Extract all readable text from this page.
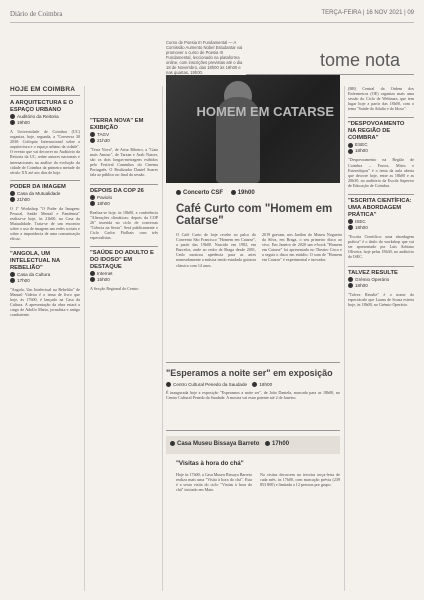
Diário de Coimbra	TERÇA-FEIRA | 16 NOV 2021 | 09
Curso de Poesia III Fundamental — A Comissão Aumento Nobel Estudantar vai promover o curso de Poesia III Fundamental, leccionado na plataforma online, com inscrições previstas até o dia 18 de Novembro, das 18h00 às 19h00 e nas quartas, 19h00.
tome nota
HOJE EM COIMBRA
A ARQUITECTURA E O ESPAÇO URBANO
Auditório da Reitoria
19h00
A Universidade de Coimbra (UC) organiza, hoje, segunda, a "Conversa 30 2030: Colóquio Internacional sobre a arquitectura e o espaço urbano da cidade". O evento que vai decorrer no Auditório da Reitoria da UC, reúne autores nacionais e internacionais na análise da evolução da cidade de Coimbra da primeira metade do século XX até aos dias de hoje.
PODER DA IMAGEM
Casa da Mutualidade
21h00
O 1º Workshop "O Poder da Imagem: Pessoal, Saúde Mental e Pandemia" realiza-se hoje, às 21h00, na Casa da Mutualidade. Trata-se de um encontro sobre o uso de imagens nas redes sociais e sobre a importância de uma comunicação eficaz.
"ANGOLA, UM INTELECTUAL NA REBELIÃO"
Casa da Cultura
17h00
"Angola, Um Intelectual na Rebelião" de Manuel Videira é o tema de livro que hoje, às 17h00, é lançado na Casa da Cultura. A apresentação da obra estará a cargo de Adolfo Maria, jornalista e antigo combatente.
"TERRA NOVA" EM EXIBIÇÃO
TAGV
21h30
"Terra Nova", de Artur Ribeiro, a "Gaia mais Amour", de Tarzan e Arab Nasser, são os dois longas-metragens exibidos pelo Festival Caminhos do Cinema Português. O Realizador Daniel Soares fala ao público no final da sessão.
DEPOIS DA COP 26
Paviolo
18h00
Realiza-se hoje, às 18h00, a conferência "Alterações climáticas: depois da COP 26" inserida no ciclo de conversas "Ciência na Sexta". Será publicamente o Ciclo Carlos Fiolhais com três especialistas.
"SAÚDE DO ADULTO E DO IDOSO" EM DESTAQUE
Internet
15h00
A Secção Regional do Centro
HOMEM EM CATARSE
Concerto CSF 19h00
Café Curto com "Homem em Catarse"
O Café Curto de hoje recebe ao palco do Convento São Francisco "Homem em Catarse", a partir das 19h00. Nascido em 1982, em Barcelos, onde ao redor de Braga desde 2001, Cedo mostrou apetência para as artes nomeadamente a música tendo estudado guitarra clássica com 14 anos.
2019 gravam, nos Jardins do Museu Nogueira da Silva, em Braga, o seu primeiro disco ao vivo. Em Janeiro de 2020 um e-book "Homem em Catarse" foi apresentado no Theatro Circo e a seguir o disco em estúdio. O som de "Homem em Catarse" é experimental e inovador.
"Esperamos a noite ser" em exposição
Centro Cultural Penedo da Saudade	18h00
É inaugurada hoje a exposição "Esperamos a noite ser", de João Daniela, marcada para as 18h00, no Centro Cultural Penedo da Saudade. A mostra vai estar patente até 2 de Janeiro.
Casa Museu Bissaya Barreto 17h00
"Visitas à hora do chá"
Hoje às 17h00, a Casa Museu Bissaya Barreto realiza mais uma "Visita à hora do chá". Esta é a sexta visita do ciclo "Visitas à hora do chá" iniciado em Maio.
Na visitas decorrem na terceira terça-feira de cada mês, às 17h00, com marcação prévia (239 853 800) e limitada a 12 pessoas por grupo.
(BR) Central da Ordem dos Enfermeiros (OE) organiza mais uma sessão do Ciclo de Webinars, que tem lugar hoje a partir das 18h00, com o tema "Saúde do Adulto e do Idoso".
"DESPOVOAMENTO NA REGIÃO DE COIMBRA"
ESEC
18h00
"Despovoamento na Região de Coimbra – Factos, Mitos e Estereótipos" é o tema da aula aberta que decorre hoje, entre as 18h00 e as 20h30, no auditório da Escola Superior de Educação de Coimbra.
"ESCRITA CIENTÍFICA: UMA ABORDAGEM PRÁTICA"
ISEC
18h00
"Escrita Científica: uma abordagem prática" é o título do workshop que vai ser apresentado por Luís Adriano Oliveira, hoje pelas 18h30, no auditório do ISEC.
TALVEZ RESULTE
Grémio Operário
18h00
"Talvez Resulte" é o nome do espectáculo que Luana de Sousa estreia hoje, às 18h00, no Grémio Operário.
